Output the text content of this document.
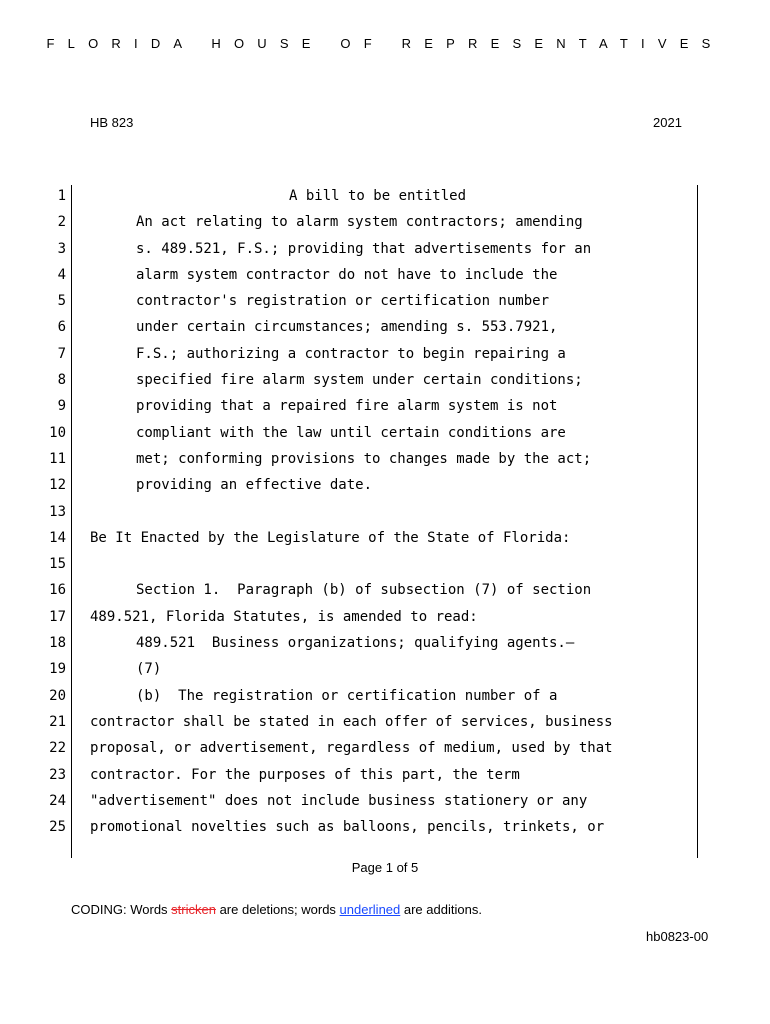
FLORIDA HOUSE OF REPRESENTATIVES
HB 823	2021
1	A bill to be entitled
2	An act relating to alarm system contractors; amending
3	s. 489.521, F.S.; providing that advertisements for an
4	alarm system contractor do not have to include the
5	contractor's registration or certification number
6	under certain circumstances; amending s. 553.7921,
7	F.S.; authorizing a contractor to begin repairing a
8	specified fire alarm system under certain conditions;
9	providing that a repaired fire alarm system is not
10	compliant with the law until certain conditions are
11	met; conforming provisions to changes made by the act;
12	providing an effective date.
13
14 Be It Enacted by the Legislature of the State of Florida:
15
16	Section 1.  Paragraph (b) of subsection (7) of section
17 489.521, Florida Statutes, is amended to read:
18	489.521  Business organizations; qualifying agents.—
19	(7)
20	(b)  The registration or certification number of a
21 contractor shall be stated in each offer of services, business
22 proposal, or advertisement, regardless of medium, used by that
23 contractor. For the purposes of this part, the term
24 "advertisement" does not include business stationery or any
25 promotional novelties such as balloons, pencils, trinkets, or
Page 1 of 5
CODING: Words stricken are deletions; words underlined are additions.
hb0823-00
